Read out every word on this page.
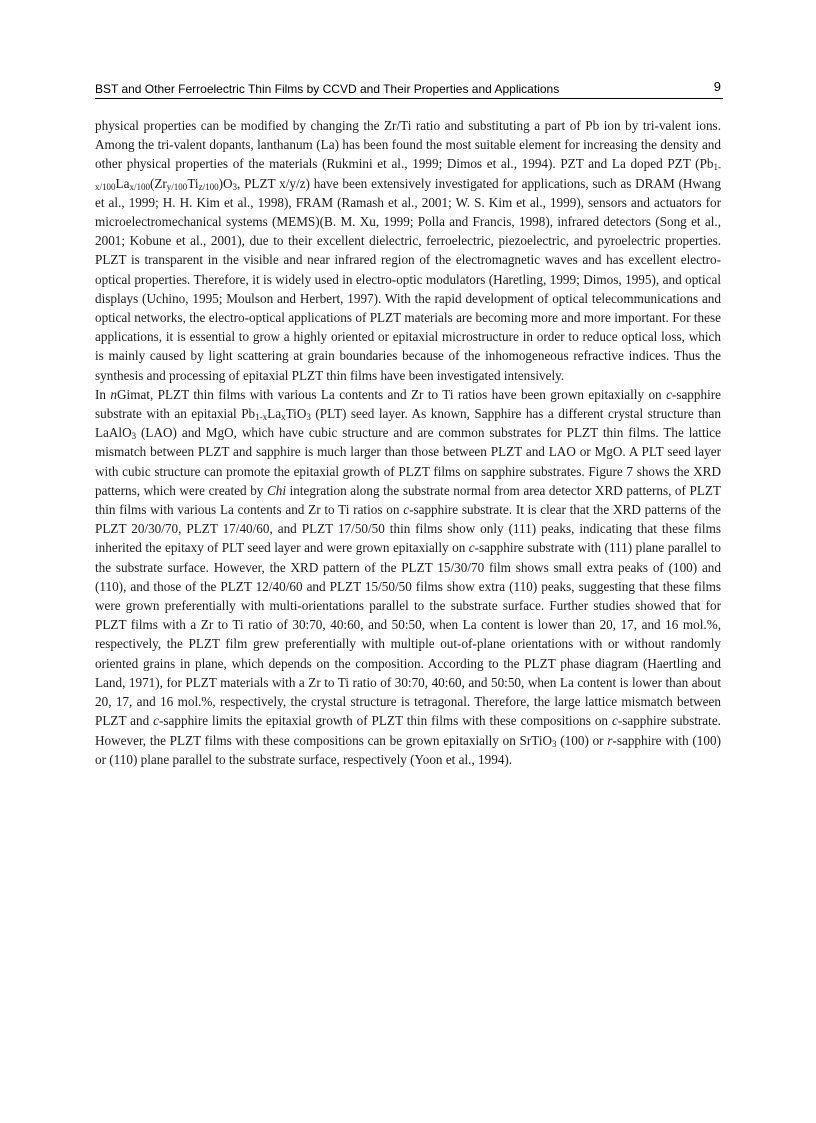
BST and Other Ferroelectric Thin Films by CCVD and Their Properties and Applications	9

physical properties can be modified by changing the Zr/Ti ratio and substituting a part of Pb ion by tri-valent ions. Among the tri-valent dopants, lanthanum (La) has been found the most suitable element for increasing the density and other physical properties of the materials (Rukmini et al., 1999; Dimos et al., 1994). PZT and La doped PZT ($Pb_{1-x/100}La_{x/100}(Zr_{y/100}Ti_{z/100})O_3$, PLZT x/y/z) have been extensively investigated for applications, such as DRAM (Hwang et al., 1999; H. H. Kim et al., 1998), FRAM (Ramash et al., 2001; W. S. Kim et al., 1999), sensors and actuators for microelectromechanical systems (MEMS)(B. M. Xu, 1999; Polla and Francis, 1998), infrared detectors (Song et al., 2001; Kobune et al., 2001), due to their excellent dielectric, ferroelectric, piezoelectric, and pyroelectric properties. PLZT is transparent in the visible and near infrared region of the electromagnetic waves and has excellent electro-optical properties. Therefore, it is widely used in electro-optic modulators (Haretling, 1999; Dimos, 1995), and optical displays (Uchino, 1995; Moulson and Herbert, 1997). With the rapid development of optical telecommunications and optical networks, the electro-optical applications of PLZT materials are becoming more and more important. For these applications, it is essential to grow a highly oriented or epitaxial microstructure in order to reduce optical loss, which is mainly caused by light scattering at grain boundaries because of the inhomogeneous refractive indices. Thus the synthesis and processing of epitaxial PLZT thin films have been investigated intensively.

In nGimat, PLZT thin films with various La contents and Zr to Ti ratios have been grown epitaxially on c-sapphire substrate with an epitaxial $Pb_{1-x}La_xTiO_3$ (PLT) seed layer. As known, Sapphire has a different crystal structure than LaAlO$_3$ (LAO) and MgO, which have cubic structure and are common substrates for PLZT thin films. The lattice mismatch between PLZT and sapphire is much larger than those between PLZT and LAO or MgO. A PLT seed layer with cubic structure can promote the epitaxial growth of PLZT films on sapphire substrates. Figure 7 shows the XRD patterns, which were created by Chi integration along the substrate normal from area detector XRD patterns, of PLZT thin films with various La contents and Zr to Ti ratios on c-sapphire substrate. It is clear that the XRD patterns of the PLZT 20/30/70, PLZT 17/40/60, and PLZT 17/50/50 thin films show only (111) peaks, indicating that these films inherited the epitaxy of PLT seed layer and were grown epitaxially on c-sapphire substrate with (111) plane parallel to the substrate surface. However, the XRD pattern of the PLZT 15/30/70 film shows small extra peaks of (100) and (110), and those of the PLZT 12/40/60 and PLZT 15/50/50 films show extra (110) peaks, suggesting that these films were grown preferentially with multi-orientations parallel to the substrate surface. Further studies showed that for PLZT films with a Zr to Ti ratio of 30:70, 40:60, and 50:50, when La content is lower than 20, 17, and 16 mol.%, respectively, the PLZT film grew preferentially with multiple out-of-plane orientations with or without randomly oriented grains in plane, which depends on the composition. According to the PLZT phase diagram (Haertling and Land, 1971), for PLZT materials with a Zr to Ti ratio of 30:70, 40:60, and 50:50, when La content is lower than about 20, 17, and 16 mol.%, respectively, the crystal structure is tetragonal. Therefore, the large lattice mismatch between PLZT and c-sapphire limits the epitaxial growth of PLZT thin films with these compositions on c-sapphire substrate. However, the PLZT films with these compositions can be grown epitaxially on SrTiO$_3$ (100) or r-sapphire with (100) or (110) plane parallel to the substrate surface, respectively (Yoon et al., 1994).
